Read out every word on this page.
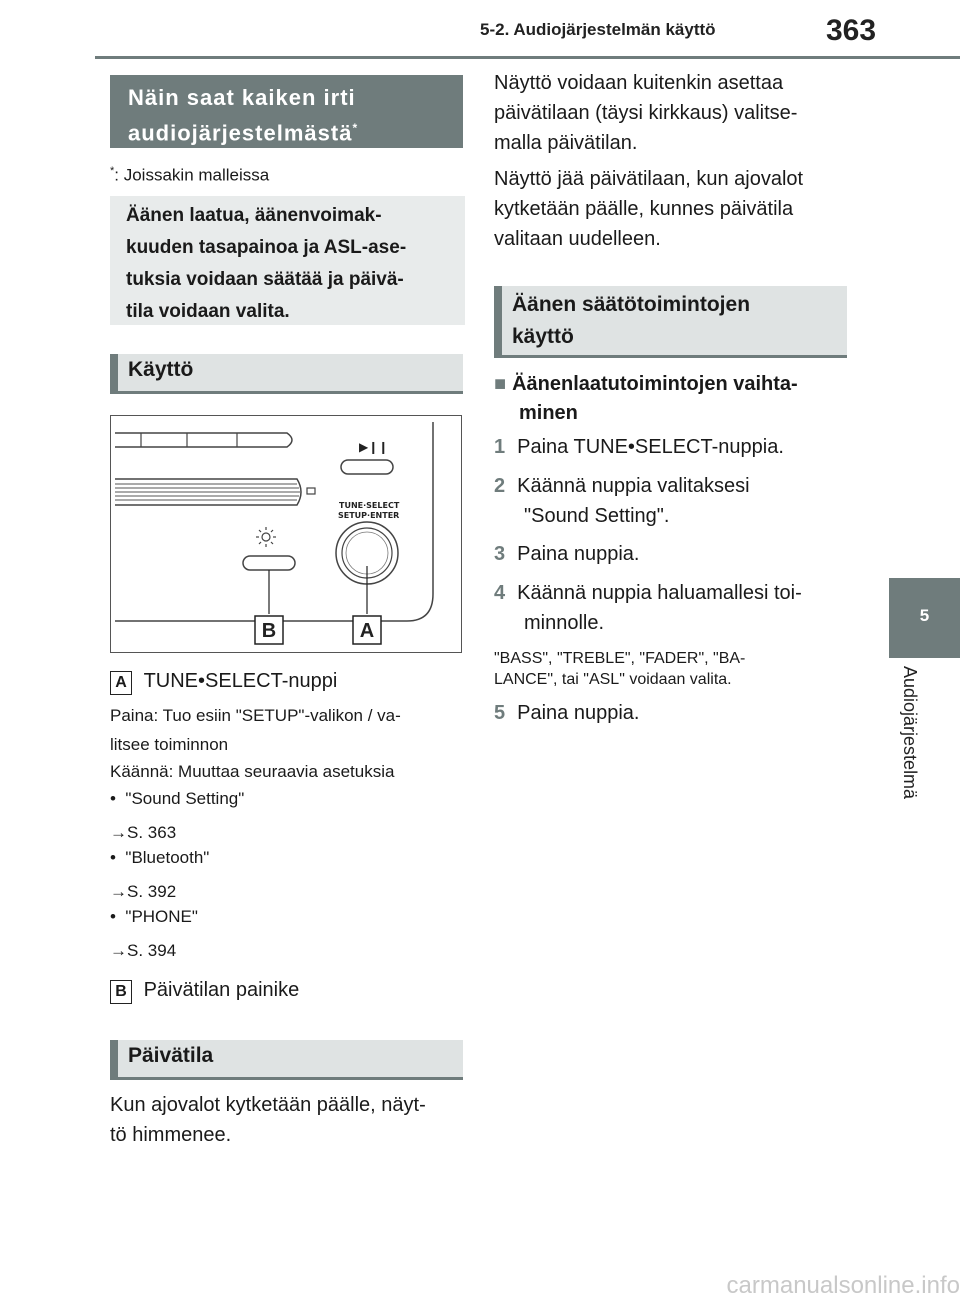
5-2. Audiojärjestelmän käyttö	363
5
Audiojärjestelmä
Näin saat kaiken irti
audiojärjestelmästä*
*: Joissakin malleissa
Äänen laatua, äänenvoimak-
kuuden tasapainoa ja ASL-ase-
tuksia voidaan säätää ja päivä-
tila voidaan valita.
Käyttö
▶❙❙
TUNE·SELECT
SETUP·ENTER
B	A
A TUNE•SELECT-nuppi
Paina: Tuo esiin "SETUP"-valikon / va-
litsee toiminnon
Käännä: Muuttaa seuraavia asetuksia
•  "Sound Setting"
→S. 363
•  "Bluetooth"
→S. 392
•  "PHONE"
→S. 394
B Päivätilan painike
Päivätila
Kun ajovalot kytketään päälle, näyt-
tö himmenee.
Näyttö voidaan kuitenkin asettaa
päivätilaan (täysi kirkkaus) valitse-
malla päivätilan.
Näyttö jää päivätilaan, kun ajovalot
kytketään päälle, kunnes päivätila
valitaan uudelleen.
Äänen säätötoimintojen
käyttö
■ Äänenlaatutoimintojen vaihta-
minen
1 Paina TUNE•SELECT-nuppia.
2 Käännä nuppia valitaksesi
"Sound Setting".
3 Paina nuppia.
4 Käännä nuppia haluamallesi toi-
minnolle.
"BASS", "TREBLE", "FADER", "BA-
LANCE", tai "ASL" voidaan valita.
5 Paina nuppia.
carmanualsonline.info
